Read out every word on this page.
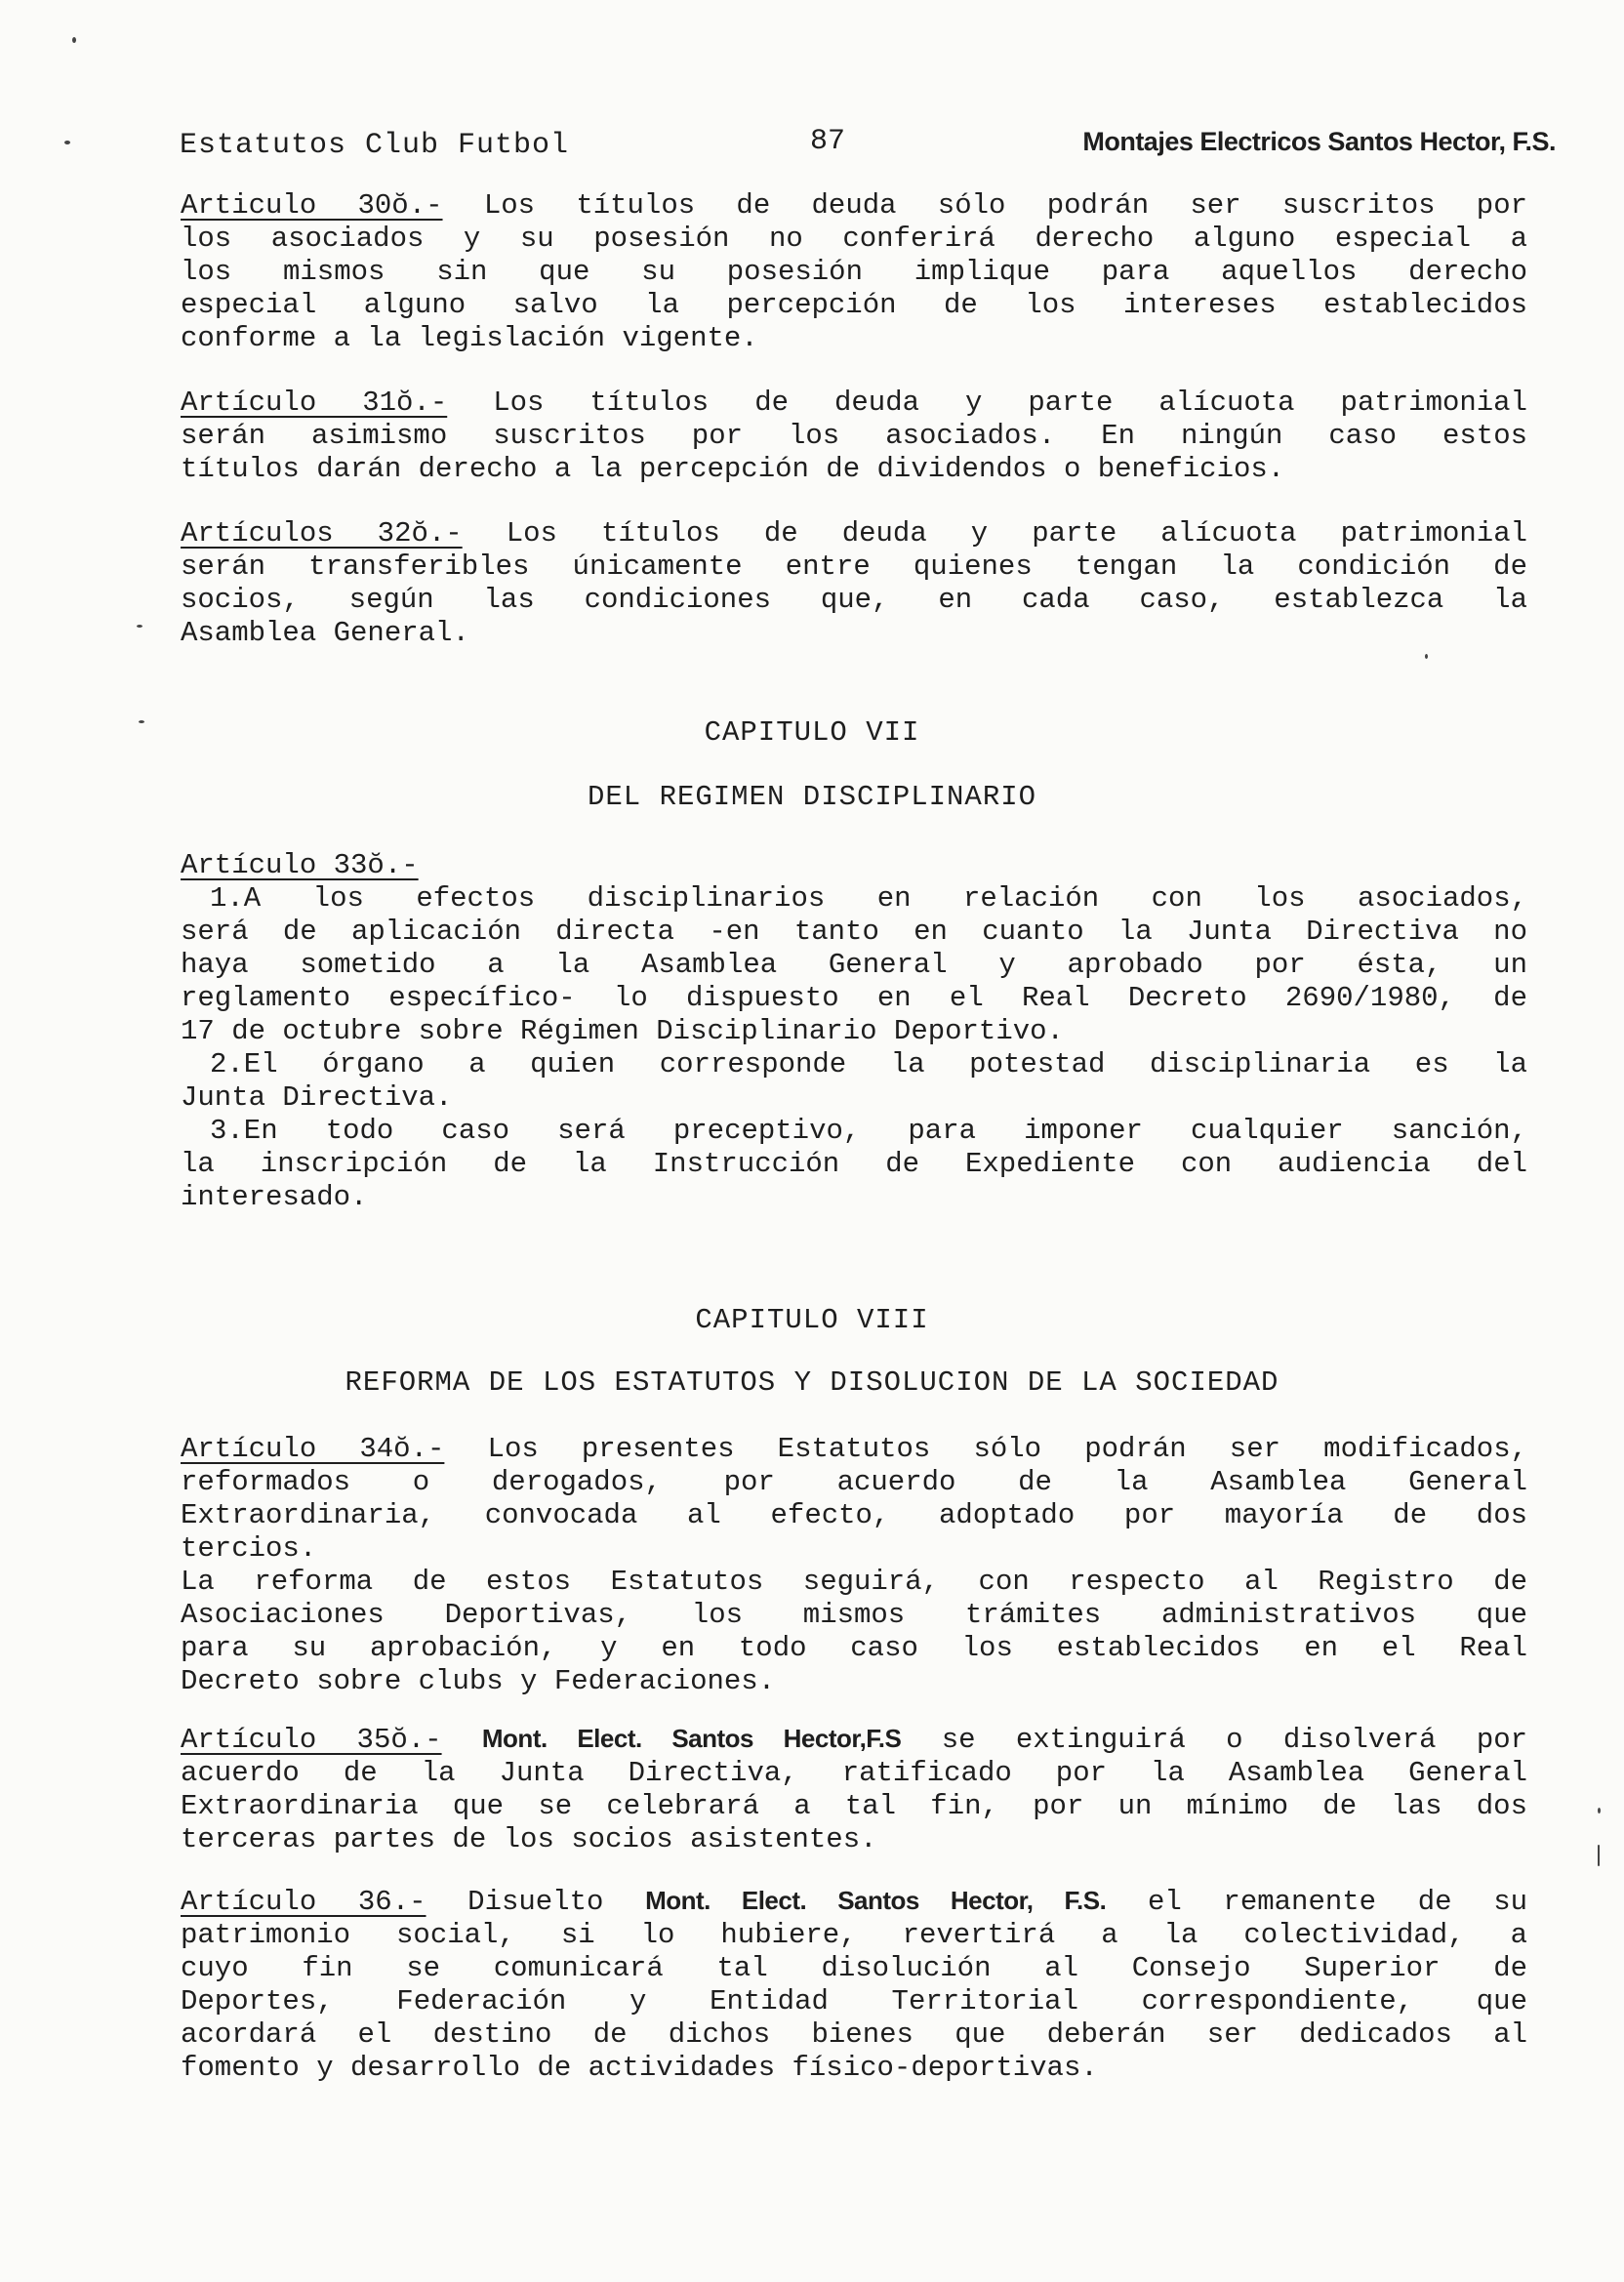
Estatutos Club Futbol	87	Montajes Electricos Santos Hector, F.S.
Articulo 30ŏ.- Los títulos de deuda sólo podrán ser suscritos por
los asociados y su posesión no conferirá derecho alguno especial a
los mismos sin que su posesión implique para aquellos derecho
especial alguno salvo la percepción de los intereses establecidos
conforme a la legislación vigente.
Artículo 31ŏ.- Los títulos de deuda y parte alícuota patrimonial
serán asimismo suscritos por los asociados. En ningún caso estos
títulos darán derecho a la percepción de dividendos o beneficios.
Artículos 32ŏ.- Los títulos de deuda y parte alícuota patrimonial
serán transferibles únicamente entre quienes tengan la condición de
socios, según las condiciones que, en cada caso, establezca la
Asamblea General.
CAPITULO VII
DEL REGIMEN DISCIPLINARIO
Artículo 33ŏ.-
1.A los efectos disciplinarios en relación con los asociados,
será de aplicación directa -en tanto en cuanto la Junta Directiva no
haya sometido a la Asamblea General y aprobado por ésta, un
reglamento específico- lo dispuesto en el Real Decreto 2690/1980, de
17 de octubre sobre Régimen Disciplinario Deportivo.
2.El órgano a quien corresponde la potestad disciplinaria es la
Junta Directiva.
3.En todo caso será preceptivo, para imponer cualquier sanción,
la inscripción de la Instrucción de Expediente con audiencia del
interesado.
CAPITULO VIII
REFORMA DE LOS ESTATUTOS Y DISOLUCION DE LA SOCIEDAD
Artículo 34ŏ.- Los presentes Estatutos sólo podrán ser modificados,
reformados o derogados, por acuerdo de la Asamblea General
Extraordinaria, convocada al efecto, adoptado por mayoría de dos
tercios.
La reforma de estos Estatutos seguirá, con respecto al Registro de
Asociaciones Deportivas, los mismos trámites administrativos que
para su aprobación, y en todo caso los establecidos en el Real
Decreto sobre clubs y Federaciones.
Artículo 35ŏ.- Mont. Elect. Santos Hector,F.S se extinguirá o disolverá por
acuerdo de la Junta Directiva, ratificado por la Asamblea General
Extraordinaria que se celebrará a tal fin, por un mínimo de las dos
terceras partes de los socios asistentes.
Artículo 36.- Disuelto Mont. Elect. Santos Hector, F.S. el remanente de su
patrimonio social, si lo hubiere, revertirá a la colectividad, a
cuyo fin se comunicará tal disolución al Consejo Superior de
Deportes, Federación y Entidad Territorial correspondiente, que
acordará el destino de dichos bienes que deberán ser dedicados al
fomento y desarrollo de actividades físico-deportivas.
